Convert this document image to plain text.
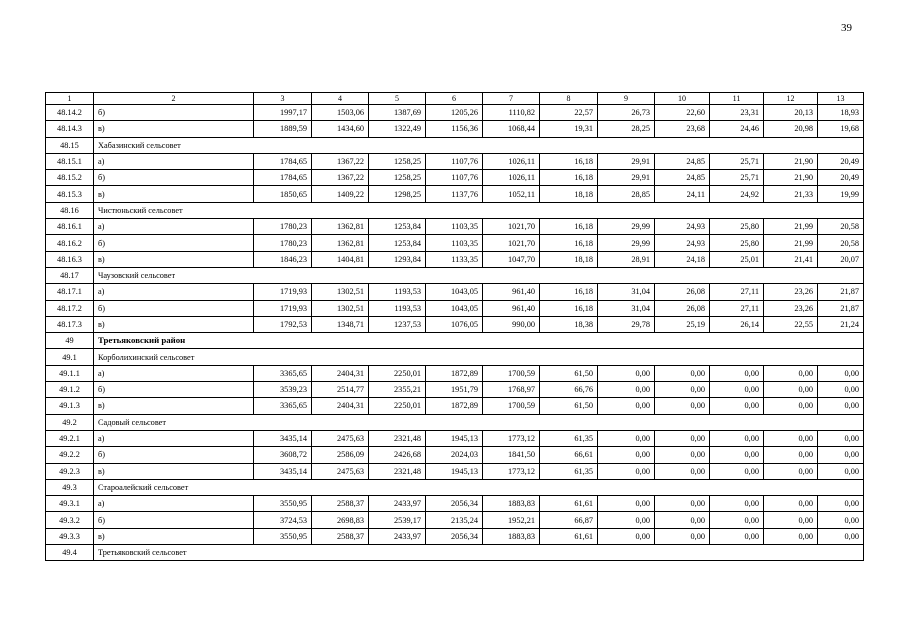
39
1	2	3	4	5	6	7	8	9	10	11	12	13
48.14.2	б)	1997,17	1503,06	1387,69	1205,26	1110,82	22,57	26,73	22,60	23,31	20,13	18,93
48.14.3	в)	1889,59	1434,60	1322,49	1156,36	1068,44	19,31	28,25	23,68	24,46	20,98	19,68
48.15	Хабазинский сельсовет											
48.15.1	а)	1784,65	1367,22	1258,25	1107,76	1026,11	16,18	29,91	24,85	25,71	21,90	20,49
48.15.2	б)	1784,65	1367,22	1258,25	1107,76	1026,11	16,18	29,91	24,85	25,71	21,90	20,49
48.15.3	в)	1850,65	1409,22	1298,25	1137,76	1052,11	18,18	28,85	24,11	24,92	21,33	19,99
48.16	Чистюньский сельсовет											
48.16.1	а)	1780,23	1362,81	1253,84	1103,35	1021,70	16,18	29,99	24,93	25,80	21,99	20,58
48.16.2	б)	1780,23	1362,81	1253,84	1103,35	1021,70	16,18	29,99	24,93	25,80	21,99	20,58
48.16.3	в)	1846,23	1404,81	1293,84	1133,35	1047,70	18,18	28,91	24,18	25,01	21,41	20,07
48.17	Чаузовский сельсовет											
48.17.1	а)	1719,93	1302,51	1193,53	1043,05	961,40	16,18	31,04	26,08	27,11	23,26	21,87
48.17.2	б)	1719,93	1302,51	1193,53	1043,05	961,40	16,18	31,04	26,08	27,11	23,26	21,87
48.17.3	в)	1792,53	1348,71	1237,53	1076,05	990,00	18,38	29,78	25,19	26,14	22,55	21,24
49	Третьяковский район											
49.1	Корболихинский сельсовет											
49.1.1	а)	3365,65	2404,31	2250,01	1872,89	1700,59	61,50	0,00	0,00	0,00	0,00	0,00
49.1.2	б)	3539,23	2514,77	2355,21	1951,79	1768,97	66,76	0,00	0,00	0,00	0,00	0,00
49.1.3	в)	3365,65	2404,31	2250,01	1872,89	1700,59	61,50	0,00	0,00	0,00	0,00	0,00
49.2	Садовый сельсовет											
49.2.1	а)	3435,14	2475,63	2321,48	1945,13	1773,12	61,35	0,00	0,00	0,00	0,00	0,00
49.2.2	б)	3608,72	2586,09	2426,68	2024,03	1841,50	66,61	0,00	0,00	0,00	0,00	0,00
49.2.3	в)	3435,14	2475,63	2321,48	1945,13	1773,12	61,35	0,00	0,00	0,00	0,00	0,00
49.3	Староалейский сельсовет											
49.3.1	а)	3550,95	2588,37	2433,97	2056,34	1883,83	61,61	0,00	0,00	0,00	0,00	0,00
49.3.2	б)	3724,53	2698,83	2539,17	2135,24	1952,21	66,87	0,00	0,00	0,00	0,00	0,00
49.3.3	в)	3550,95	2588,37	2433,97	2056,34	1883,83	61,61	0,00	0,00	0,00	0,00	0,00
49.4	Третьяковский сельсовет											
